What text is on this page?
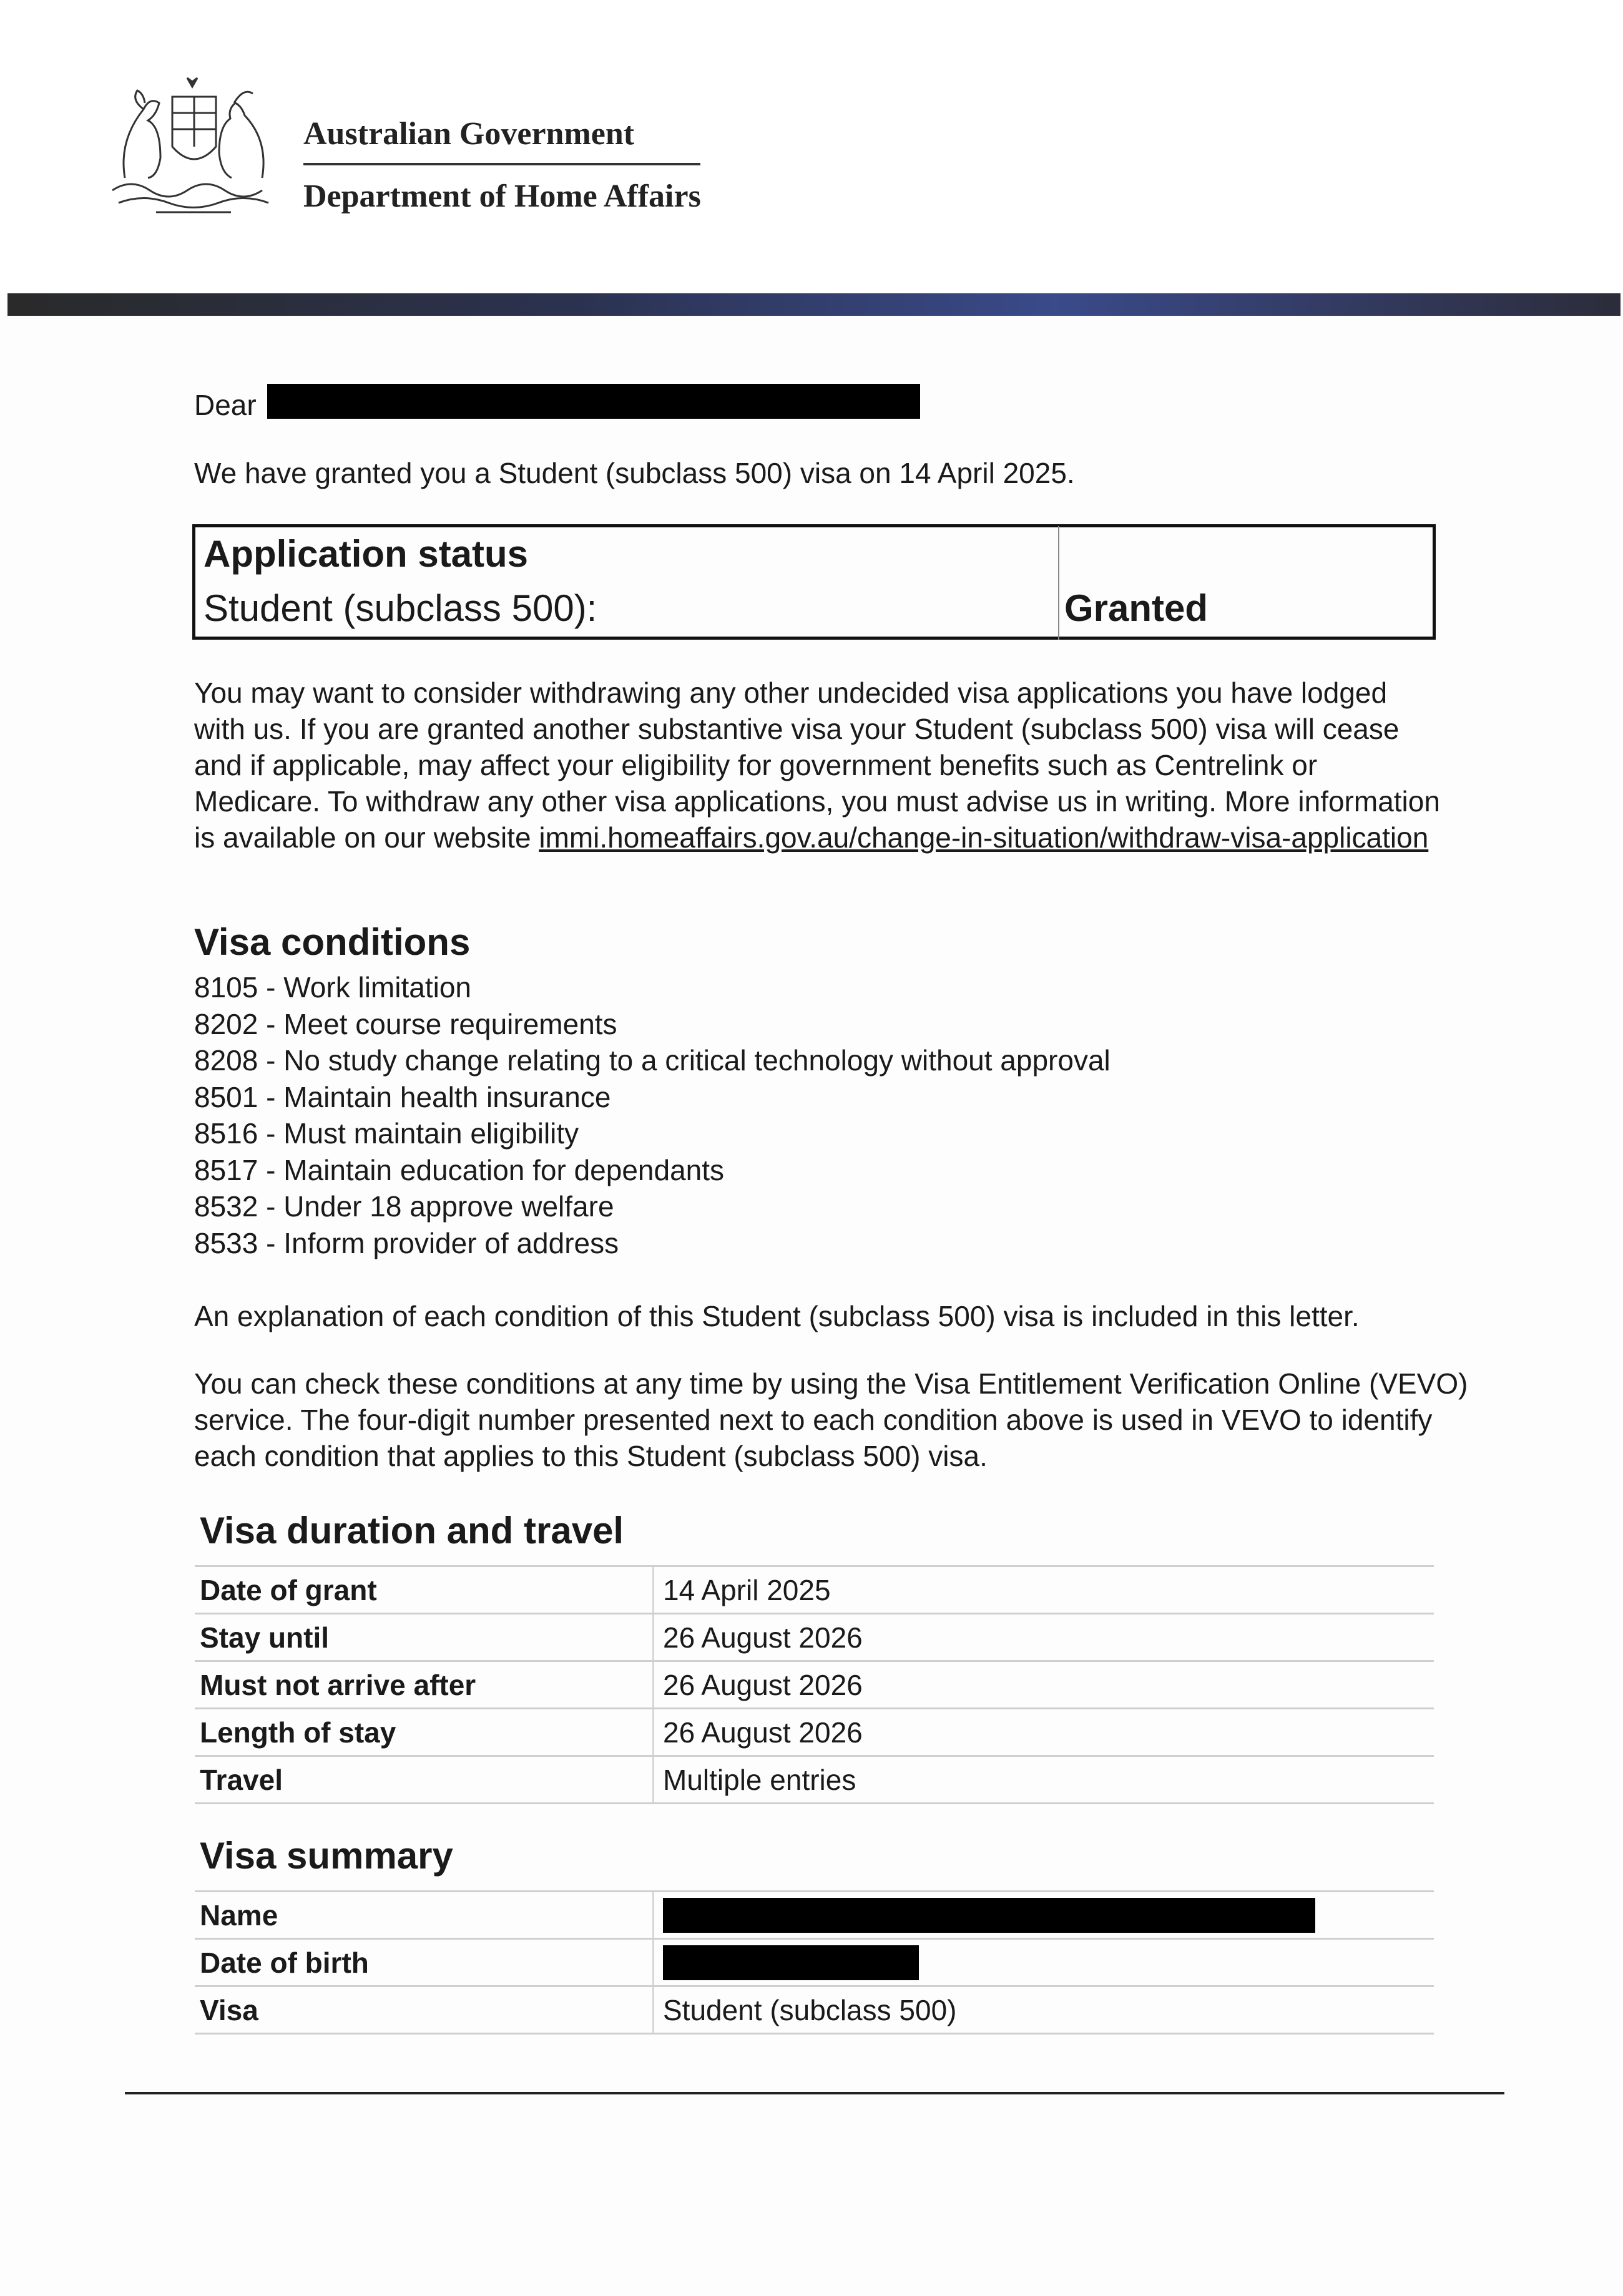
Australian Government
Department of Home Affairs
Dear
We have granted you a Student (subclass 500) visa on 14 April 2025.
Application status
Student (subclass 500):	Granted
You may want to consider withdrawing any other undecided visa applications you have lodged with us. If you are granted another substantive visa your Student (subclass 500) visa will cease and if applicable, may affect your eligibility for government benefits such as Centrelink or Medicare. To withdraw any other visa applications, you must advise us in writing. More information is available on our website immi.homeaffairs.gov.au/change-in-situation/withdraw-visa-application
Visa conditions
8105 - Work limitation
8202 - Meet course requirements
8208 - No study change relating to a critical technology without approval
8501 - Maintain health insurance
8516 - Must maintain eligibility
8517 - Maintain education for dependants
8532 - Under 18 approve welfare
8533 - Inform provider of address
An explanation of each condition of this Student (subclass 500) visa is included in this letter.
You can check these conditions at any time by using the Visa Entitlement Verification Online (VEVO) service. The four-digit number presented next to each condition above is used in VEVO to identify each condition that applies to this Student (subclass 500) visa.
Visa duration and travel
Date of grant	14 April 2025
Stay until	26 August 2026
Must not arrive after	26 August 2026
Length of stay	26 August 2026
Travel	Multiple entries
Visa summary
Name	

Date of birth	

Visa	Student (subclass 500)
